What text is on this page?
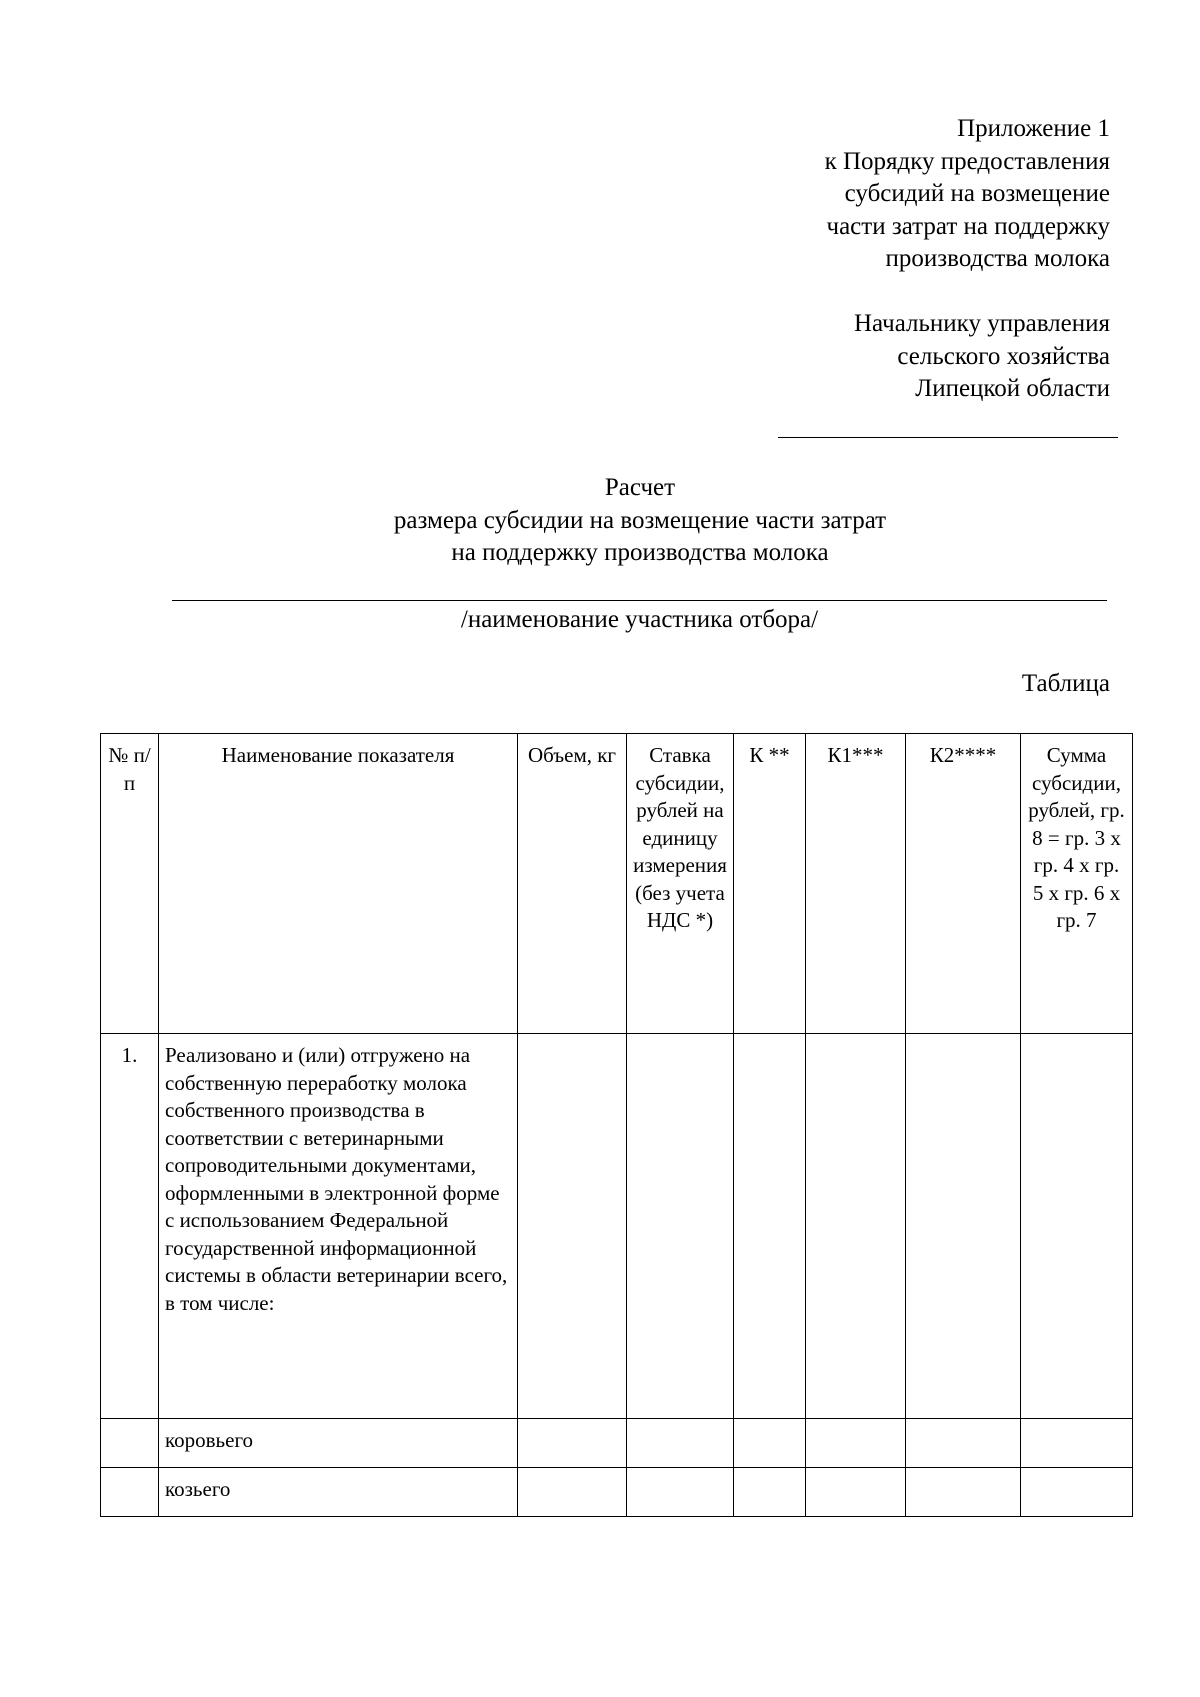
Приложение 1
к Порядку предоставления
субсидий на возмещение
части затрат на поддержку
производства молока
Начальнику управления
сельского хозяйства
Липецкой области
Расчет
размера субсидии на возмещение части затрат
на поддержку производства молока
/наименование участника отбора/
Таблица
№ п/п	Наименование показателя	Объем, кг	Ставка субсидии, рублей на единицу измерения (без учета НДС *)	К **	К1***	К2****	Сумма субсидии, рублей, гр. 8 = гр. 3 x гр. 4 x гр. 5 x гр. 6 x гр. 7
1.	Реализовано и (или) отгружено на собственную переработку молока собственного производства в соответствии с ветеринарными сопроводительными документами, оформленными в электронной форме с использованием Федеральной государственной информационной системы в области ветеринарии всего, в том числе:						
	коровьего						
	козьего						
